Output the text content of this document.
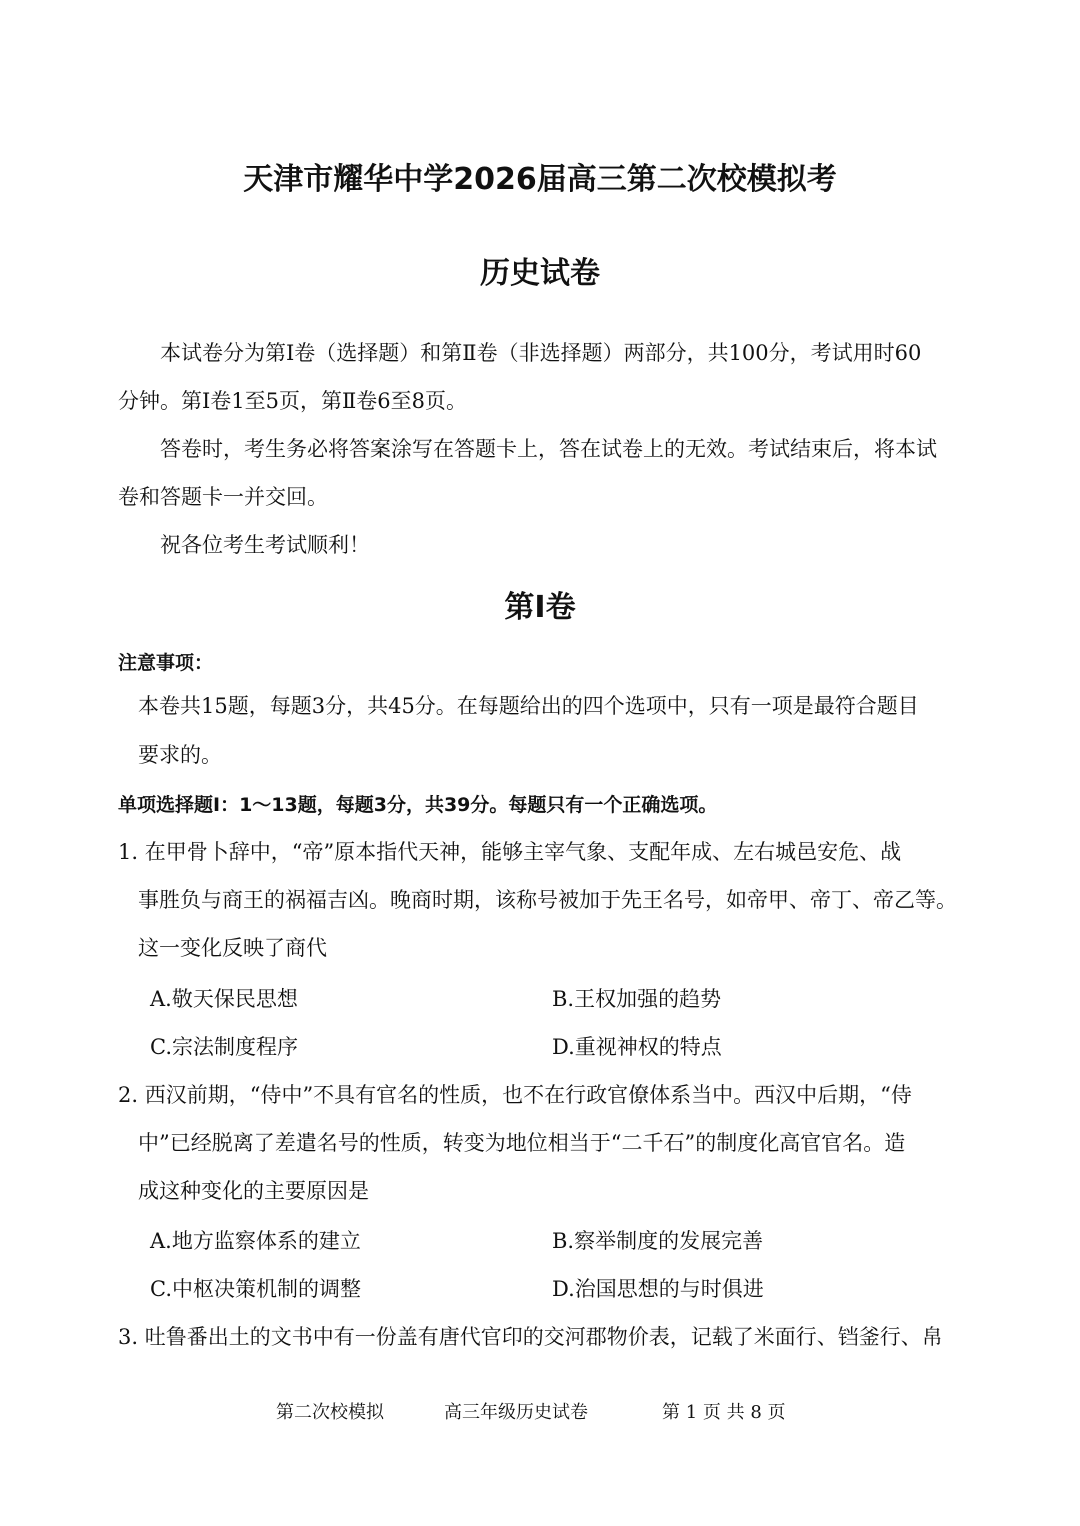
天津市耀华中学2026届高三第二次校模拟考
历史试卷
本试卷分为第Ⅰ卷（选择题）和第Ⅱ卷（非选择题）两部分，共100分，考试用时60
分钟。第Ⅰ卷1至5页，第Ⅱ卷6至8页。
答卷时，考生务必将答案涂写在答题卡上，答在试卷上的无效。考试结束后，将本试
卷和答题卡一并交回。
祝各位考生考试顺利！
第Ⅰ卷
注意事项：
本卷共15题，每题3分，共45分。在每题给出的四个选项中，只有一项是最符合题目
要求的。
单项选择题Ⅰ：1～13题，每题3分，共39分。每题只有一个正确选项。
1. 在甲骨卜辞中，“帝”原本指代天神，能够主宰气象、支配年成、左右城邑安危、战
事胜负与商王的祸福吉凶。晚商时期，该称号被加于先王名号，如帝甲、帝丁、帝乙等。
这一变化反映了商代
A.敬天保民思想	B.王权加强的趋势
C.宗法制度程序	D.重视神权的特点
2. 西汉前期，“侍中”不具有官名的性质，也不在行政官僚体系当中。西汉中后期，“侍
中”已经脱离了差遣名号的性质，转变为地位相当于“二千石”的制度化高官官名。造
成这种变化的主要原因是
A.地方监察体系的建立	B.察举制度的发展完善
C.中枢决策机制的调整	D.治国思想的与时俱进
3. 吐鲁番出土的文书中有一份盖有唐代官印的交河郡物价表，记载了米面行、铛釜行、帛
第二次校模拟	高三年级历史试卷	第 1 页 共 8 页
